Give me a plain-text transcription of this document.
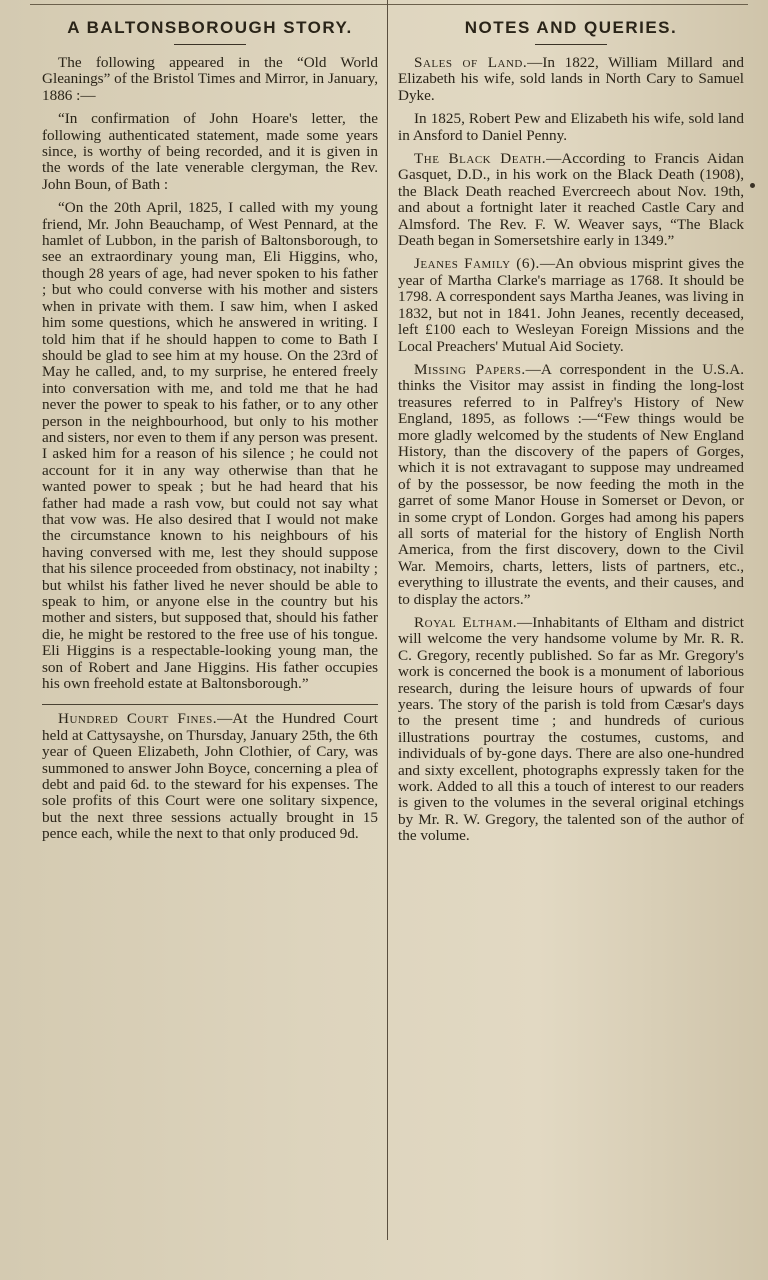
A BALTONSBOROUGH STORY.

The following appeared in the “Old World Gleanings” of the Bristol Times and Mirror, in January, 1886 :—

“In confirmation of John Hoare's letter, the following authenticated statement, made some years since, is worthy of being recorded, and it is given in the words of the late venerable clergyman, the Rev. John Boun, of Bath :

“On the 20th April, 1825, I called with my young friend, Mr. John Beauchamp, of West Pennard, at the hamlet of Lubbon, in the parish of Baltonsborough, to see an extraordinary young man, Eli Higgins, who, though 28 years of age, had never spoken to his father ; but who could converse with his mother and sisters when in private with them. I saw him, when I asked him some questions, which he answered in writing. I told him that if he should happen to come to Bath I should be glad to see him at my house. On the 23rd of May he called, and, to my surprise, he entered freely into conversation with me, and told me that he had never the power to speak to his father, or to any other person in the neighbourhood, but only to his mother and sisters, nor even to them if any person was present. I asked him for a reason of his silence ; he could not account for it in any way otherwise than that he wanted power to speak ; but he had heard that his father had made a rash vow, but could not say what that vow was. He also desired that I would not make the circumstance known to his neighbours of his having conversed with me, lest they should suppose that his silence proceeded from obstinacy, not inabilty ; but whilst his father lived he never should be able to speak to him, or anyone else in the country but his mother and sisters, but supposed that, should his father die, he might be restored to the free use of his tongue. Eli Higgins is a respectable-looking young man, the son of Robert and Jane Higgins. His father occupies his own freehold estate at Baltonsborough.”

Hundred Court Fines.—At the Hundred Court held at Cattysayshe, on Thursday, January 25th, the 6th year of Queen Elizabeth, John Clothier, of Cary, was summoned to answer John Boyce, concerning a plea of debt and paid 6d. to the steward for his expenses. The sole profits of this Court were one solitary sixpence, but the next three sessions actually brought in 15 pence each, while the next to that only produced 9d.

NOTES AND QUERIES.

Sales of Land.—In 1822, William Millard and Elizabeth his wife, sold lands in North Cary to Samuel Dyke.

In 1825, Robert Pew and Elizabeth his wife, sold land in Ansford to Daniel Penny.

The Black Death.—According to Francis Aidan Gasquet, D.D., in his work on the Black Death (1908), the Black Death reached Evercreech about Nov. 19th, and about a fortnight later it reached Castle Cary and Almsford. The Rev. F. W. Weaver says, “The Black Death began in Somersetshire early in 1349.”

Jeanes Family (6).—An obvious misprint gives the year of Martha Clarke's marriage as 1768. It should be 1798. A correspondent says Martha Jeanes, was living in 1832, but not in 1841. John Jeanes, recently deceased, left £100 each to Wesleyan Foreign Missions and the Local Preachers' Mutual Aid Society.

Missing Papers.—A correspondent in the U.S.A. thinks the Visitor may assist in finding the long-lost treasures referred to in Palfrey's History of New England, 1895, as follows :—“Few things would be more gladly welcomed by the students of New England History, than the discovery of the papers of Gorges, which it is not extravagant to suppose may undreamed of by the possessor, be now feeding the moth in the garret of some Manor House in Somerset or Devon, or in some crypt of London. Gorges had among his papers all sorts of material for the history of English North America, from the first discovery, down to the Civil War. Memoirs, charts, letters, lists of partners, etc., everything to illustrate the events, and their causes, and to display the actors.”

Royal Eltham.—Inhabitants of Eltham and district will welcome the very handsome volume by Mr. R. R. C. Gregory, recently published. So far as Mr. Gregory's work is concerned the book is a monument of laborious research, during the leisure hours of upwards of four years. The story of the parish is told from Cæsar's days to the present time ; and hundreds of curious illustrations pourtray the costumes, customs, and individuals of by-gone days. There are also one-hundred and sixty excellent, photographs expressly taken for the work. Added to all this a touch of interest to our readers is given to the volumes in the several original etchings by Mr. R. W. Gregory, the talented son of the author of the volume.
